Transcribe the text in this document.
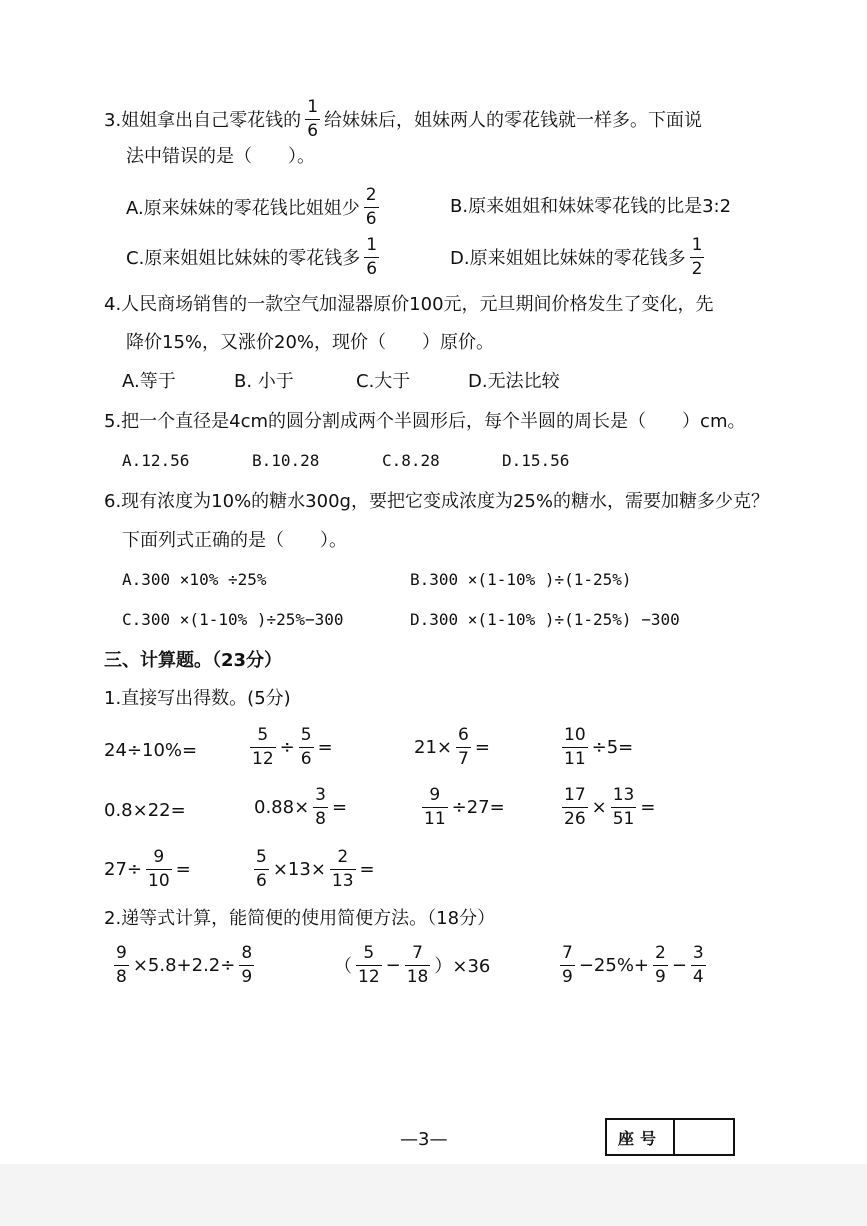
3.姐姐拿出自己零花钱的 $\frac{1}{6}$ 给妹妹后，姐妹两人的零花钱就一样多。下面说
法中错误的是（　　）。
A.原来妹妹的零花钱比姐姐少 $\frac{2}{6}$	B.原来姐姐和妹妹零花钱的比是3:2
C.原来姐姐比妹妹的零花钱多 $\frac{1}{6}$	D.原来姐姐比妹妹的零花钱多 $\frac{1}{2}$
4.人民商场销售的一款空气加湿器原价100元，元旦期间价格发生了变化，先
降价15%，又涨价20%，现价（　　）原价。
A.等于	B. 小于	C.大于	D.无法比较
5.把一个直径是4cm的圆分割成两个半圆形后，每个半圆的周长是（　　）cm。
A.12.56	B.10.28	C.8.28	D.15.56
6.现有浓度为10%的糖水300g，要把它变成浓度为25%的糖水，需要加糖多少克？
下面列式正确的是（　　）。
A.300 ×10% ÷25%	B.300 ×(1-10% )÷(1-25%)
C.300 ×(1-10% )÷25%−300	D.300 ×(1-10% )÷(1-25%) −300
三、计算题。（23分）
1.直接写出得数。(5分)
24÷10%=	$\frac{5}{12} \div \frac{5}{6}$ =	$21\times \frac{6}{7}$ =	$\frac{10}{11} \div 5=$
0.8×22=	$0.88\times \frac{3}{8}$ =	$\frac{9}{11} \div 27=$	$\frac{17}{26} \times \frac{13}{51}$ =
$27\div \frac{9}{10}$ =	$\frac{5}{6} \times 13\times \frac{2}{13}$ =
2.递等式计算，能简便的使用简便方法。（18分）
$\frac{9}{8} \times 5.8+2.2\div \frac{8}{9}$	（ $\frac{5}{12} - \frac{7}{18} )\times 36$	$\frac{7}{9} -25\%+ \frac{2}{9} - \frac{3}{4}$
—3—	座号
